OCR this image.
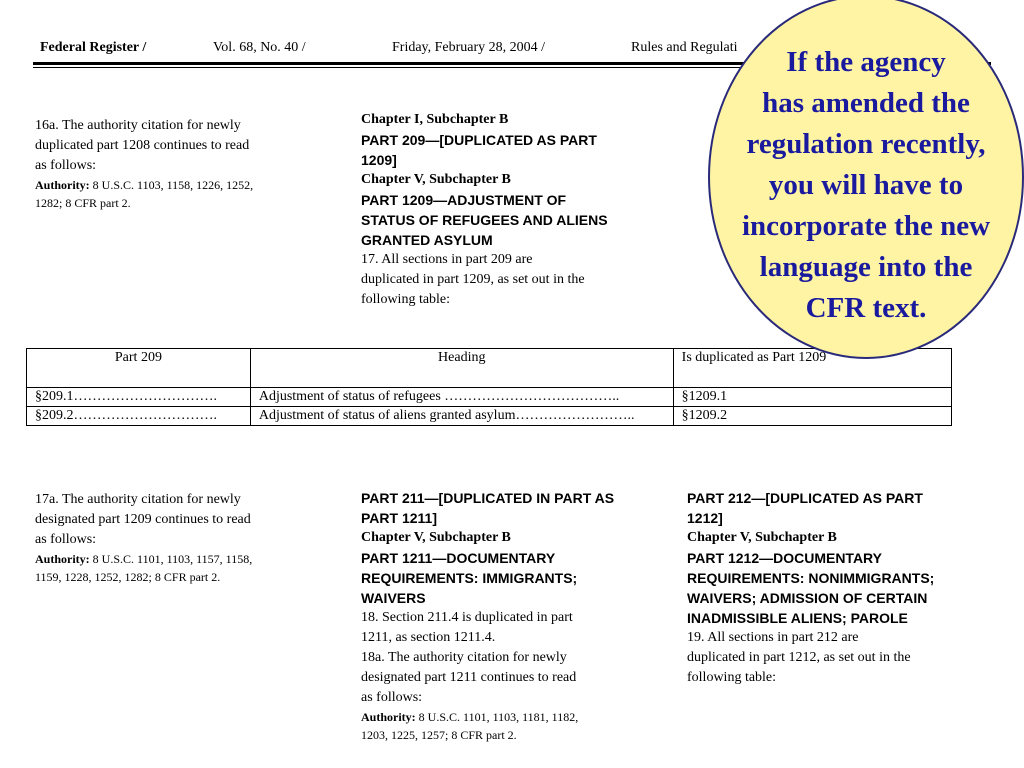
Federal Register /	Vol. 68, No. 40 /	Friday, February 28, 2004 /	Rules and Regulati
16a. The authority citation for newly
duplicated part 1208 continues to read
as follows:
Authority: 8 U.S.C. 1103, 1158, 1226, 1252,
1282; 8 CFR part 2.
Chapter I, Subchapter B
PART 209—[DUPLICATED AS PART
1209]
Chapter V, Subchapter B
PART 1209—ADJUSTMENT OF
STATUS OF REFUGEES AND ALIENS
GRANTED ASYLUM
17. All sections in part 209 are
duplicated in part 1209, as set out in the
following table:
Part 209	Heading	Is duplicated as Part 1209
§209.1………………………….	Adjustment of status of refugees ………………………………..	§1209.1
§209.2………………………….	Adjustment of status of aliens granted asylum……………………..	§1209.2
17a. The authority citation for newly
designated part 1209 continues to read
as follows:
Authority: 8 U.S.C. 1101, 1103, 1157, 1158,
1159, 1228, 1252, 1282; 8 CFR part 2.
PART 211—[DUPLICATED IN PART AS
PART 1211]
Chapter V, Subchapter B
PART 1211—DOCUMENTARY
REQUIREMENTS: IMMIGRANTS;
WAIVERS
18. Section 211.4 is duplicated in part
1211, as section 1211.4.
18a. The authority citation for newly
designated part 1211 continues to read
as follows:
Authority: 8 U.S.C. 1101, 1103, 1181, 1182,
1203, 1225, 1257; 8 CFR part 2.
PART 212—[DUPLICATED AS PART
1212]
Chapter V, Subchapter B
PART 1212—DOCUMENTARY
REQUIREMENTS: NONIMMIGRANTS;
WAIVERS; ADMISSION OF CERTAIN
INADMISSIBLE ALIENS; PAROLE
19. All sections in part 212 are
duplicated in part 1212, as set out in the
following table:
If the agency
has amended the
regulation recently,
you will have to
incorporate the new
language into the
CFR text.
